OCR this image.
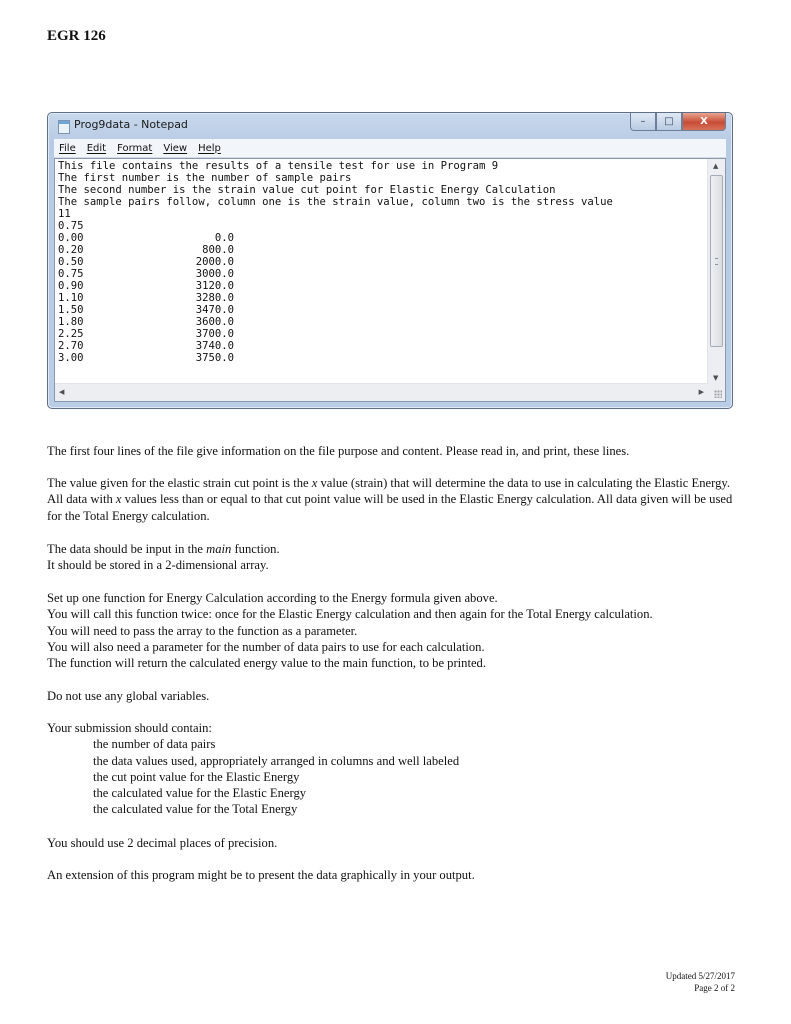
EGR 126
Prog9data - Notepad	–	□	X
File	Edit	Format	View	Help
This file contains the results of a tensile test for use in Program 9
The first number is the number of sample pairs
The second number is the strain value cut point for Elastic Energy Calculation
The sample pairs follow, column one is the strain value, column two is the stress value
11
0.75
0.00	0.0
0.20	800.0
0.50	2000.0
0.75	3000.0
0.90	3120.0
1.10	3280.0
1.50	3470.0
1.80	3600.0
2.25	3700.0
2.70	3740.0
3.00	3750.0
▲
▼
◀	▶
The first four lines of the file give information on the file purpose and content. Please read in, and print, these lines.
The value given for the elastic strain cut point is the x value (strain) that will determine the data to use in calculating the Elastic Energy. All data with x values less than or equal to that cut point value will be used in the Elastic Energy calculation. All data given will be used for the Total Energy calculation.
The data should be input in the main function.
It should be stored in a 2-dimensional array.
Set up one function for Energy Calculation according to the Energy formula given above.
You will call this function twice: once for the Elastic Energy calculation and then again for the Total Energy calculation.
You will need to pass the array to the function as a parameter.
You will also need a parameter for the number of data pairs to use for each calculation.
The function will return the calculated energy value to the main function, to be printed.
Do not use any global variables.
Your submission should contain:
the number of data pairs
the data values used, appropriately arranged in columns and well labeled
the cut point value for the Elastic Energy
the calculated value for the Elastic Energy
the calculated value for the Total Energy
You should use 2 decimal places of precision.
An extension of this program might be to present the data graphically in your output.
Updated 5/27/2017
Page 2 of 2
